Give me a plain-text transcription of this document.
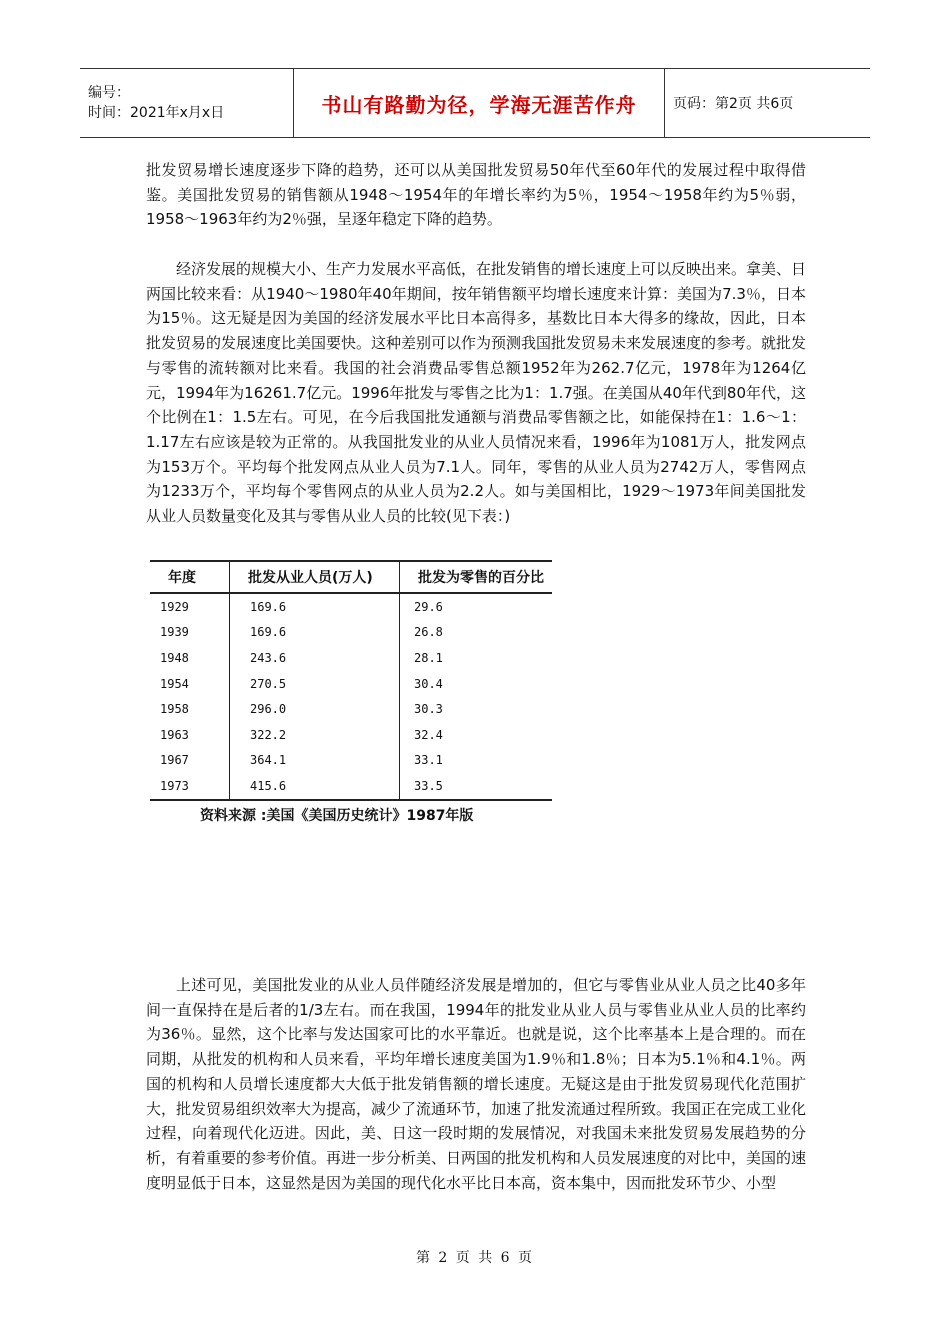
编号：
时间：2021年x月x日	书山有路勤为径，学海无涯苦作舟	页码：第2页 共6页

批发贸易增长速度逐步下降的趋势，还可以从美国批发贸易50年代至60年代的发展过程中取得借鉴。美国批发贸易的销售额从1948～1954年的年增长率约为5％，1954～1958年约为5％弱，1958～1963年约为2％强，呈逐年稳定下降的趋势。

经济发展的规模大小、生产力发展水平高低，在批发销售的增长速度上可以反映出来。拿美、日两国比较来看：从1940～1980年40年期间，按年销售额平均增长速度来计算：美国为7.3％，日本为15％。这无疑是因为美国的经济发展水平比日本高得多，基数比日本大得多的缘故，因此，日本批发贸易的发展速度比美国要快。这种差别可以作为预测我国批发贸易未来发展速度的参考。就批发与零售的流转额对比来看。我国的社会消费品零售总额1952年为262.7亿元，1978年为1264亿元，1994年为16261.7亿元。1996年批发与零售之比为1：1.7强。在美国从40年代到80年代，这个比例在1：1.5左右。可见，在今后我国批发通额与消费品零售额之比，如能保持在1：1.6～1：1.17左右应该是较为正常的。从我国批发业的从业人员情况来看，1996年为1081万人，批发网点为153万个。平均每个批发网点从业人员为7.1人。同年，零售的从业人员为2742万人，零售网点为1233万个，平均每个零售网点的从业人员为2.2人。如与美国相比，1929～1973年间美国批发从业人员数量变化及其与零售从业人员的比较(见下表：)

年度	批发从业人员(万人)	批发为零售的百分比
1929	169.6	29.6
1939	169.6	26.8
1948	243.6	28.1
1954	270.5	30.4
1958	296.0	30.3
1963	322.2	32.4
1967	364.1	33.1
1973	415.6	33.5
资料来源 :美国《美国历史统计》1987年版

上述可见，美国批发业的从业人员伴随经济发展是增加的，但它与零售业从业人员之比40多年间一直保持在是后者的1/3左右。而在我国，1994年的批发业从业人员与零售业从业人员的比率约为36％。显然，这个比率与发达国家可比的水平靠近。也就是说，这个比率基本上是合理的。而在同期，从批发的机构和人员来看，平均年增长速度美国为1.9％和1.8％；日本为5.1％和4.1％。两国的机构和人员增长速度都大大低于批发销售额的增长速度。无疑这是由于批发贸易现代化范围扩大，批发贸易组织效率大为提高，减少了流通环节，加速了批发流通过程所致。我国正在完成工业化过程，向着现代化迈进。因此，美、日这一段时期的发展情况，对我国未来批发贸易发展趋势的分析，有着重要的参考价值。再进一步分析美、日两国的批发机构和人员发展速度的对比中，美国的速度明显低于日本，这显然是因为美国的现代化水平比日本高，资本集中，因而批发环节少、小型

第 2 页 共 6 页
